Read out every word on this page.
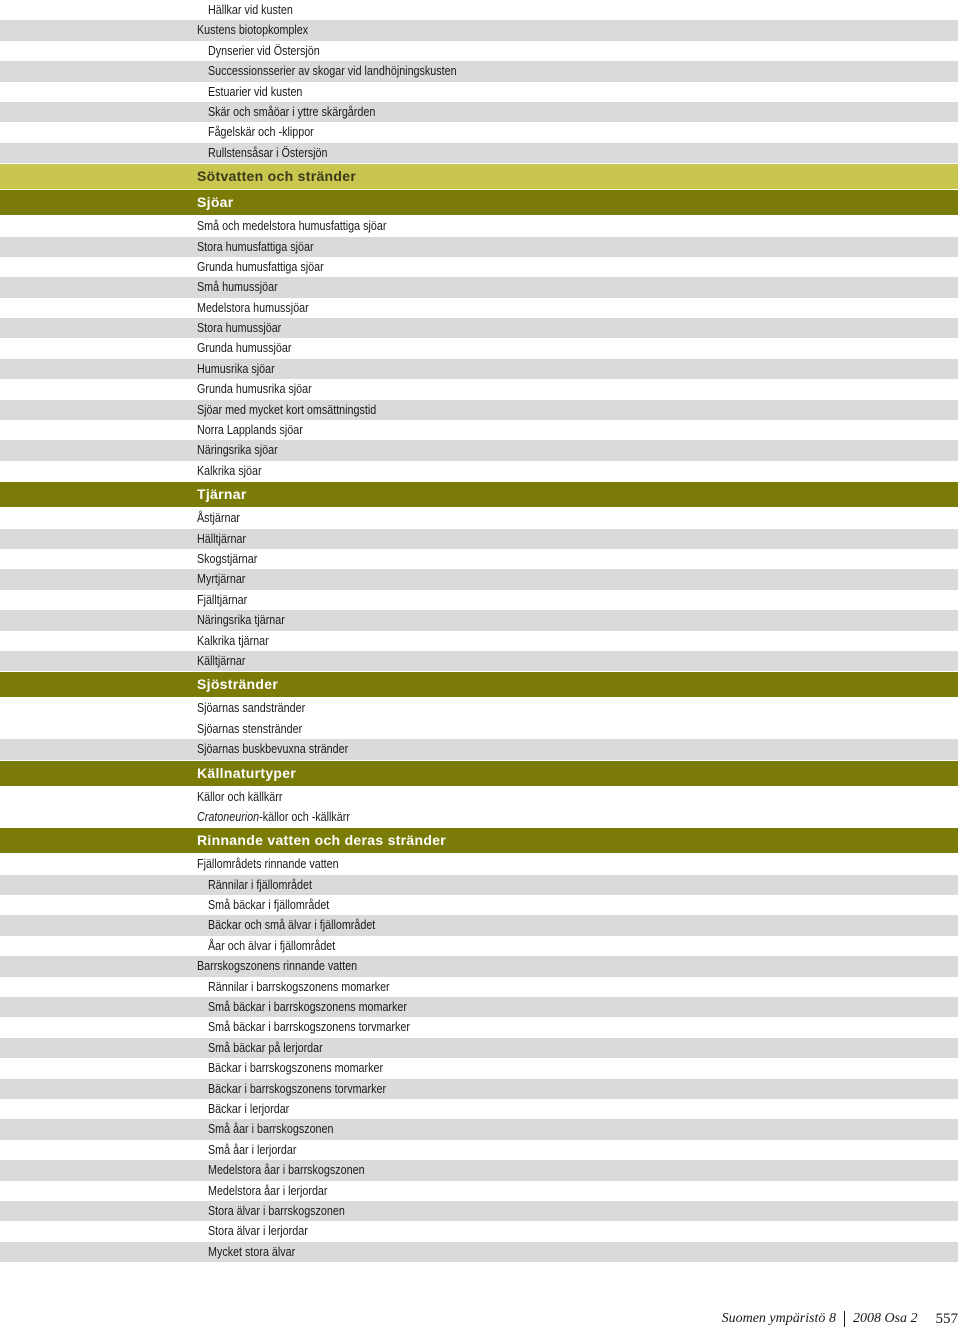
Hällkar vid kusten
Kustens biotopkomplex
Dynserier vid Östersjön
Successionsserier av skogar vid landhöjningskusten
Estuarier vid kusten
Skär och småöar i yttre skärgården
Fågelskär och -klippor
Rullstensåsar i Östersjön
Sötvatten och stränder
Sjöar
Små och medelstora humusfattiga sjöar
Stora humusfattiga sjöar
Grunda humusfattiga sjöar
Små humussjöar
Medelstora humussjöar
Stora humussjöar
Grunda humussjöar
Humusrika sjöar
Grunda humusrika sjöar
Sjöar med mycket kort omsättningstid
Norra Lapplands sjöar
Näringsrika sjöar
Kalkrika sjöar
Tjärnar
Åstjärnar
Hälltjärnar
Skogstjärnar
Myrtjärnar
Fjälltjärnar
Näringsrika tjärnar
Kalkrika tjärnar
Källtjärnar
Sjöstränder
Sjöarnas sandstränder
Sjöarnas stenstränder
Sjöarnas buskbevuxna stränder
Källnaturtyper
Källor och källkärr
Cratoneurion-källor och -källkärr
Rinnande vatten och deras stränder
Fjällområdets rinnande vatten
Rännilar i fjällområdet
Små bäckar i fjällområdet
Bäckar och små älvar i fjällområdet
Åar och älvar i fjällområdet
Barrskogszonens rinnande vatten
Rännilar i barrskogszonens momarker
Små bäckar i barrskogszonens momarker
Små bäckar i barrskogszonens torvmarker
Små bäckar på lerjordar
Bäckar i barrskogszonens momarker
Bäckar i barrskogszonens torvmarker
Bäckar i lerjordar
Små åar i barrskogszonen
Små åar i lerjordar
Medelstora åar i barrskogszonen
Medelstora åar i lerjordar
Stora älvar i barrskogszonen
Stora älvar i lerjordar
Mycket stora älvar
Suomen ympäristö
8 2008
Osa 2 557
